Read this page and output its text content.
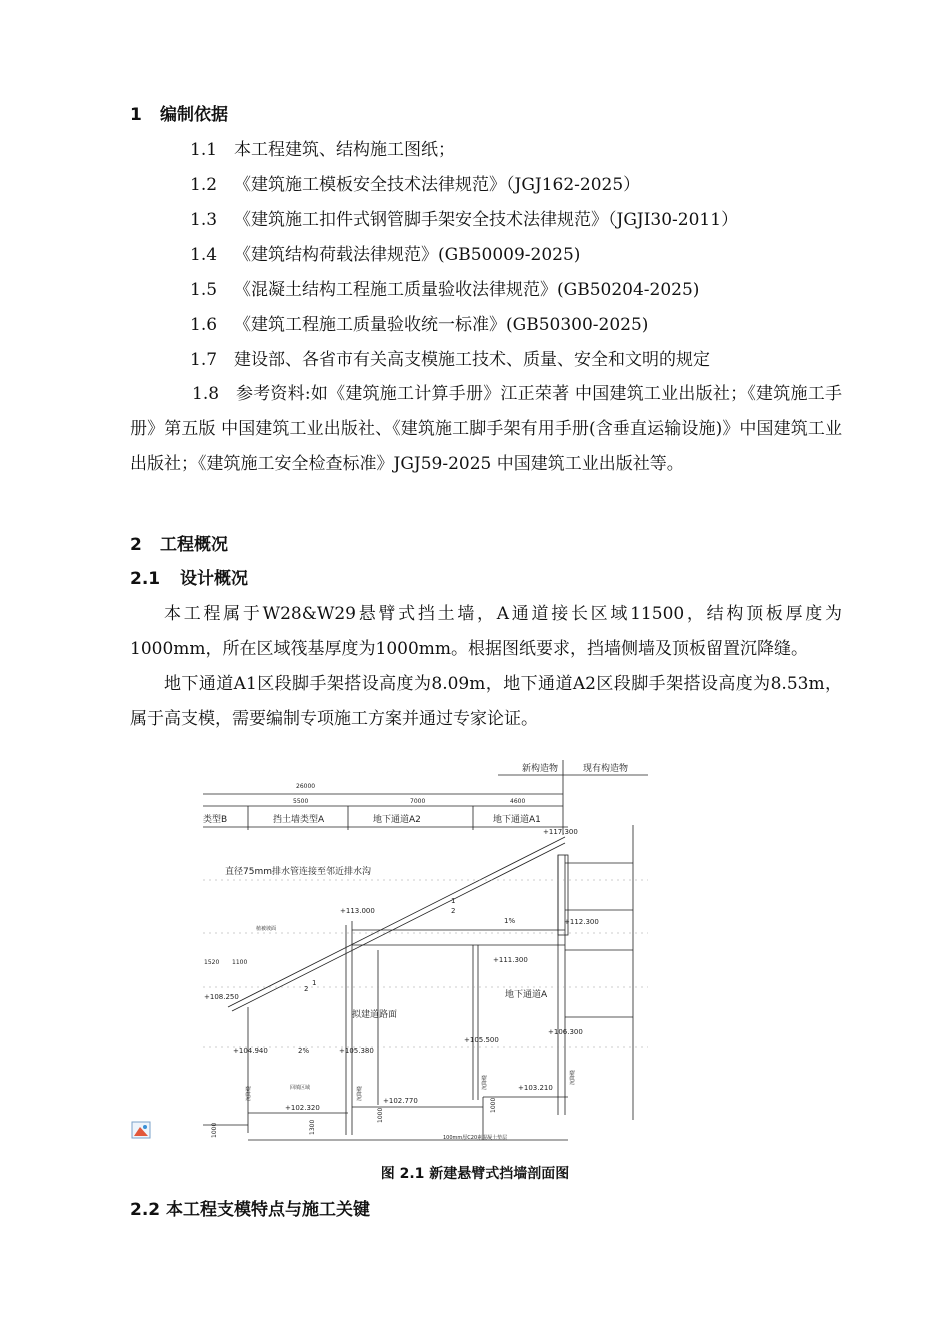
1 编制依据
1.1 本工程建筑、结构施工图纸；
1.2 《建筑施工模板安全技术法律规范》（JGJ162-2025）
1.3 《建筑施工扣件式钢管脚手架安全技术法律规范》（JGJI30-2011）
1.4 《建筑结构荷载法律规范》(GB50009-2025)
1.5 《混凝土结构工程施工质量验收法律规范》(GB50204-2025)
1.6 《建筑工程施工质量验收统一标准》(GB50300-2025)
1.7 建设部、各省市有关高支模施工技术、质量、安全和文明的规定
1.8 参考资料:如《建筑施工计算手册》江正荣著 中国建筑工业出版社；《建筑施工手册》第五版 中国建筑工业出版社、《建筑施工脚手架有用手册(含垂直运输设施)》中国建筑工业出版社；《建筑施工安全检查标准》JGJ59-2025 中国建筑工业出版社等。
2 工程概况
2.1 设计概况
本工程属于W28&W29悬臂式挡土墙，A通道接长区域11500，结构顶板厚度为1000mm，所在区域筏基厚度为1000mm。根据图纸要求，挡墙侧墙及顶板留置沉降缝。
地下通道A1区段脚手架搭设高度为8.09m，地下通道A2区段脚手架搭设高度为8.53m，属于高支模，需要编制专项施工方案并通过专家论证。
新构造物	现有构造物
26000
5500	7000	4600
类型B	挡土墙类型A	地下通道A2	地下通道A1
+117.300
直径75mm排水管连接至邻近排水沟
+113.000
+112.300
+111.300
+108.250
+106.300
+105.500
+105.380
+104.940
+103.210
+102.770
+102.320
拟建道路面
地下通道A
植被坡面
回填区域
100mm厚C20素混凝土垫层
1520 1100
1%
2%
1
2
1
2
1000
1000
1000
1300
沉降缝	沉降缝
沉降缝	沉降缝
图 2.1 新建悬臂式挡墙剖面图
2.2 本工程支模特点与施工关键
